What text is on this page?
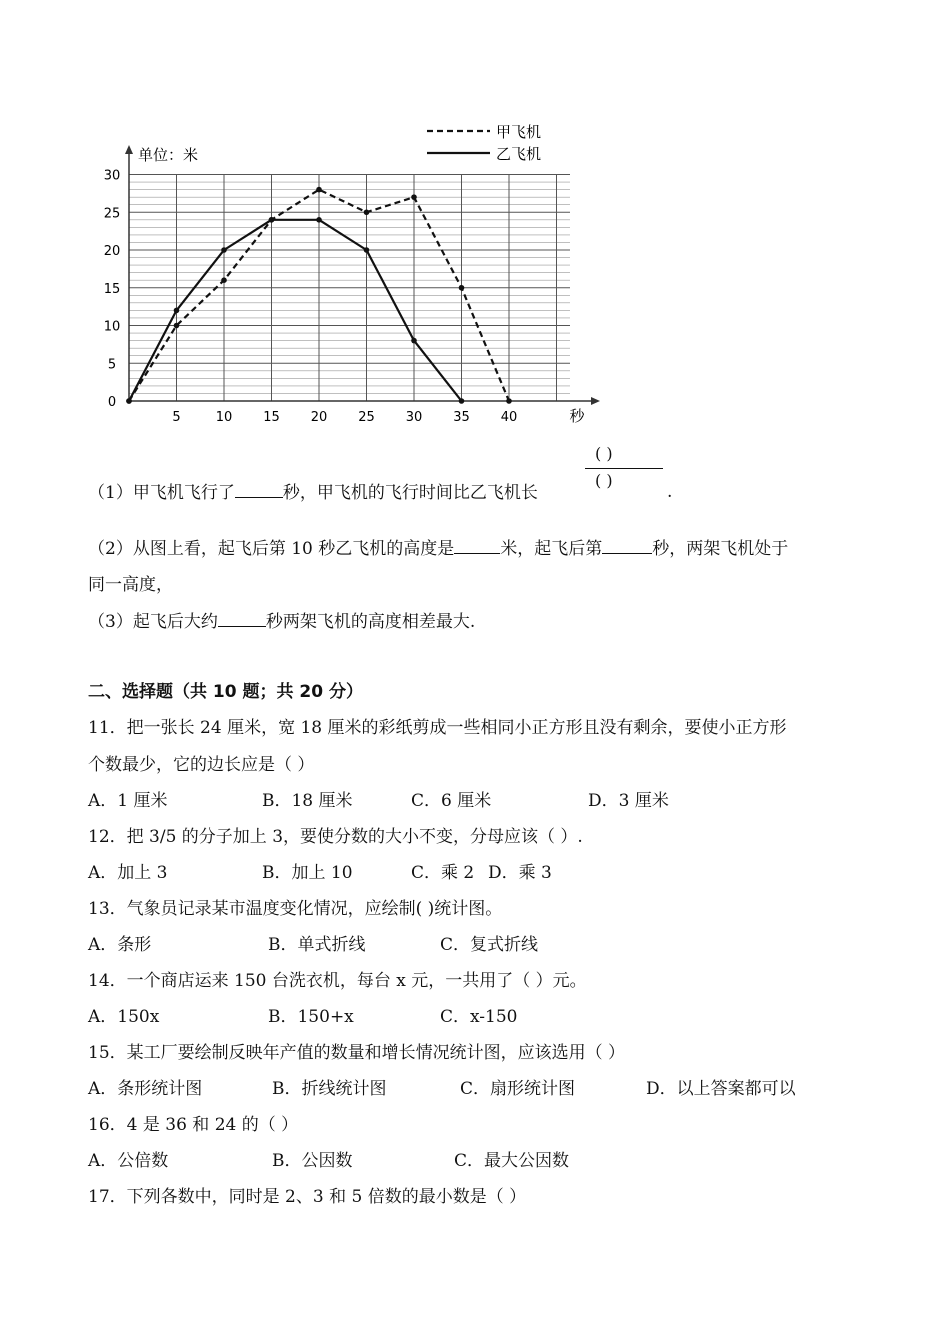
0
5
10
15
20
25
30
5	10 15 20 25 30 35 40	秒
单位：米
甲飞机
乙飞机
（1）甲飞机飞行了	秒，甲飞机的飞行时间比乙飞机长
( )
( )
.
（2）从图上看，起飞后第 10 秒乙飞机的高度是	米，起飞后第	秒，两架飞机处于
同一高度，
（3）起飞后大约	秒两架飞机的高度相差最大.
二、选择题（共 10 题；共 20 分）
11．把一张长 24 厘米，宽 18 厘米的彩纸剪成一些相同小正方形且没有剩余，要使小正方形
个数最少，它的边长应是（ ）
A．1 厘米	B．18 厘米	C．6 厘米	D．3 厘米
12．把 3/5 的分子加上 3，要使分数的大小不变，分母应该（ ）.
A．加上 3	B．加上 10	C．乘 2 D．乘 3
13．气象员记录某市温度变化情况，应绘制( )统计图。
A．条形	B．单式折线	C．复式折线
14．一个商店运来 150 台洗衣机，每台 x 元，一共用了（ ）元。
A．150x	B．150+x	C．x-150
15．某工厂要绘制反映年产值的数量和增长情况统计图，应该选用（ ）
A．条形统计图	B．折线统计图	C．扇形统计图	D．以上答案都可以
16．4 是 36 和 24 的（ ）
A．公倍数	B．公因数	C．最大公因数
17．下列各数中，同时是 2、3 和 5 倍数的最小数是（ ）
